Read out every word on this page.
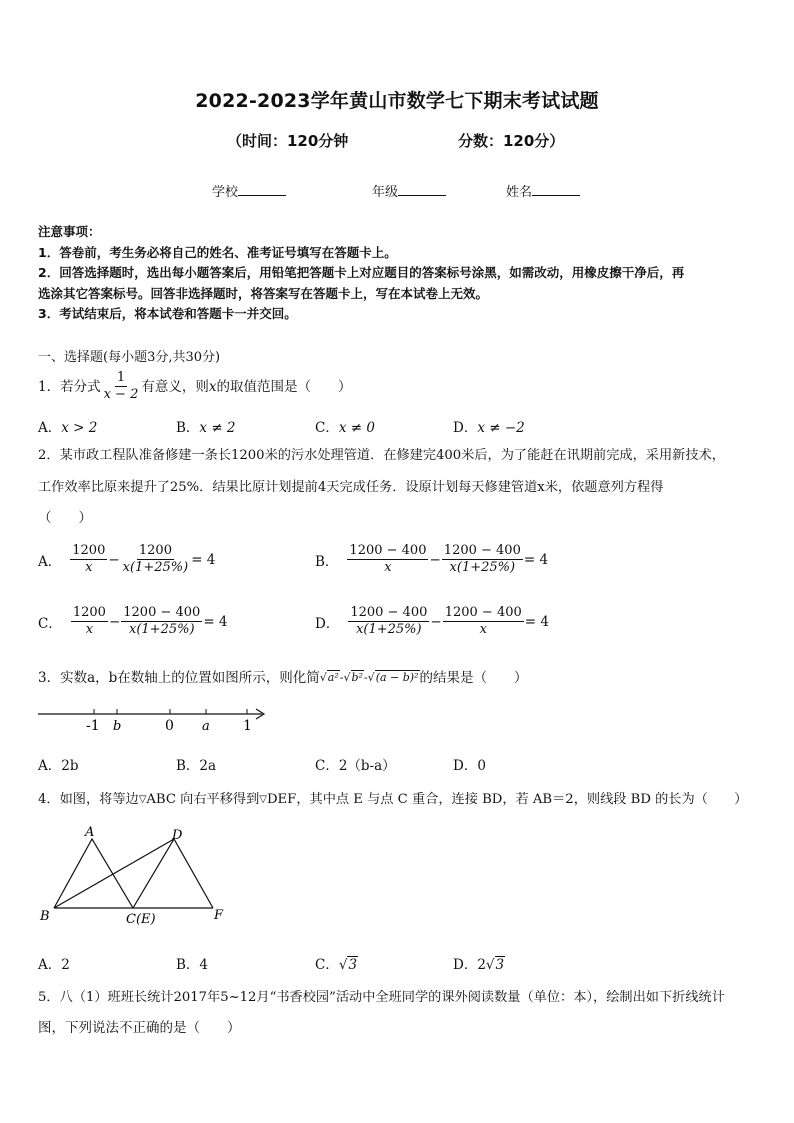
2022-2023学年黄山市数学七下期末考试试题
（时间：120分钟	分数：120分）
学校	年级	姓名
注意事项：
1．答卷前，考生务必将自己的姓名、准考证号填写在答题卡上。
2．回答选择题时，选出每小题答案后，用铅笔把答题卡上对应题目的答案标号涂黑，如需改动，用橡皮擦干净后，再
选涂其它答案标号。回答非选择题时，将答案写在答题卡上，写在本试卷上无效。
3．考试结束后，将本试卷和答题卡一并交回。
一、选择题(每小题3分,共30分)
1．若分式 $\frac{1}{x - 2}$ 有意义，则 x 的取值范围是（　　）
A．x > 2	B．x ≠ 2	C．x ≠ 0	D．x ≠ −2
2．某市政工程队准备修建一条长1200米的污水处理管道．在修建完400米后，为了能赶在讯期前完成，采用新技术，
工作效率比原来提升了25%．结果比原计划提前4天完成任务．设原计划每天修建管道x米，依题意列方程得
（　　）
A． $\frac{1200}{x} - \frac{1200}{x(1+25\%)} = 4$	B． $\frac{1200 - 400}{x} - \frac{1200 - 400}{x(1+25\%)} = 4$
C． $\frac{1200}{x} - \frac{1200 - 400}{x(1+25\%)} = 4$	D． $\frac{1200 - 400}{x(1+25\%)} - \frac{1200 - 400}{x} = 4$
3．实数a，b在数轴上的位置如图所示，则化简 √a²-√b²-√(a − b)² 的结果是（　　）
-1 b	0 a 1
A．2b	B．2a	C．2（b-a）	D．0
4．如图，将等边▽ABC 向右平移得到▽DEF，其中点 E 与点 C 重合，连接 BD，若 AB＝2，则线段 BD 的长为（　　）
A	D
B	C(E)	F
A．2	B．4	C．√3	D．2√3
5．八（1）班班长统计2017年5~12月“书香校园”活动中全班同学的课外阅读数量（单位：本），绘制出如下折线统计
图，下列说法不正确的是（　　）
